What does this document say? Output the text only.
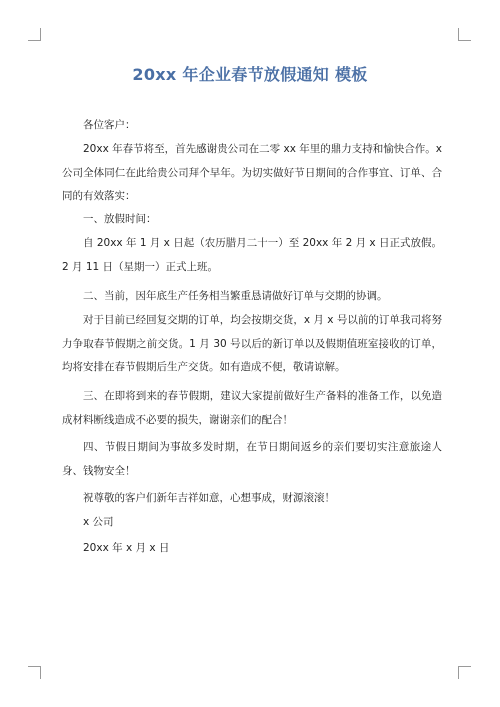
20xx 年企业春节放假通知 模板

各位客户：

20xx 年春节将至，首先感谢贵公司在二零 xx 年里的鼎力支持和愉快合作。x 公司全体同仁在此给贵公司拜个早年。为切实做好节日期间的合作事宜、订单、合同的有效落实：

一、放假时间：

自 20xx 年 1 月 x 日起（农历腊月二十一）至 20xx 年 2 月 x 日正式放假。2 月 11 日（星期一）正式上班。

二、当前，因年底生产任务相当繁重恳请做好订单与交期的协调。

对于目前已经回复交期的订单，均会按期交货，x 月 x 号以前的订单我司将努力争取春节假期之前交货。1 月 30 号以后的新订单以及假期值班室接收的订单，均将安排在春节假期后生产交货。如有造成不便，敬请谅解。

三、在即将到来的春节假期，建议大家提前做好生产备料的准备工作，以免造成材料断线造成不必要的损失，谢谢亲们的配合！

四、节假日期间为事故多发时期，在节日期间返乡的亲们要切实注意旅途人身、钱物安全！

祝尊敬的客户们新年吉祥如意，心想事成，财源滚滚！

x 公司

20xx 年 x 月 x 日
